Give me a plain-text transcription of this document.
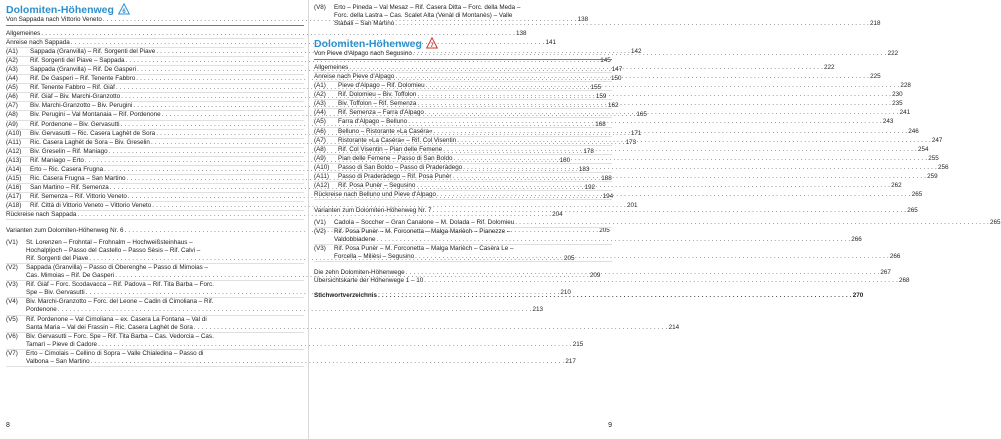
Dolomiten-Höhenweg 6
Von Sappada nach Vittorio Veneto . . .	138
Allgemeines . . .	138
Anreise nach Sappada . . .	141
(A1)	Sappada (Granvilla) – Rif. Sorgenti del Piave . . .	142
(A2)	Rif. Sorgenti del Piave – Sappada . . .	145
(A3)	Sappada (Granvilla) – Rif. De Gasperi . . .	147
(A4)	Rif. De Gasperi – Rif. Tenente Fabbro . . .	150
(A5)	Rif. Tenente Fabbro – Rif. Giàf . . .	155
(A6)	Rif. Giàf – Biv. Marchi-Granzotto . . .	159
(A7)	Biv. Marchi-Granzotto – Biv. Perugini . . .	162
(A8)	Biv. Perugini – Val Montanaia – Rif. Pordenone . . .	165
(A9)	Rif. Pordenone – Biv. Gervasutti . . .	168
(A10)	Biv. Gervasutti – Ric. Casera Laghèt de Sora . . .	171
(A11)	Ric. Casera Laghèt de Sora – Biv. Greselin . . .	173
(A12)	Biv. Greselin – Rif. Maniago . . .	178
(A13)	Rif. Maniago – Erto . . .	180
(A14)	Erto – Ric. Casera Frugna . . .	183
(A15)	Ric. Casera Frugna – San Martino . . .	188
(A16)	San Martino – Rif. Semenza . . .	192
(A17)	Rif. Semenza – Rif. Vittorio Veneto . . .	194
(A18)	Rif. Città di Vittorio Veneto – Vittorio Veneto . . .	201
Rückreise nach Sappada . . .	204
Varianten zum Dolomiten-Höhenweg Nr. 6 . . .	205
(V1)	St. Lorenzen – Frohntal – Frohnalm – Hochweißsteinhaus –
Hochalpljoch – Passo del Castello – Passo Sèsis – Rif. Calvi –
Rif. Sorgenti del Piave . . .	205
(V2)	Sappada (Granvilla) – Passo di Oberenghe – Passo di Mimoias –
Cas. Mimoias – Rif. De Gasperi . . .	209
(V3)	Rif. Giàf – Forc. Scodavacca – Rif. Padova – Rif. Tita Barba – Forc.
Spe – Biv. Gervasutti . . .	210
(V4)	Biv. Marchi-Granzotto – Forc. del Leone – Cadin di Cimoliana – Rif.
Pordenone . . .	213
(V5)	Rif. Pordenone – Val Cimoliana – ex. Casera La Fontana – Val di
Santa Maria – Val dei Frassin – Ric. Casera Laghèt de Sora . . .	214
(V6)	Biv. Gervasutti – Forc. Spe – Rif. Tita Barba – Cas. Vedorcia – Cas.
Tamarì – Pieve di Cadore . . .	215
(V7)	Erto – Cimolais – Cellino di Sopra – Valle Chialedina – Passo di
Valbona – San Martino . . .	217
8
(V8)	Erto – Pineda – Val Mesaz – Rif. Casera Ditta – Forc. della Meda –
Forc. della Lastra – Cas. Scalet Alta (Venàl di Montanès) – Valle
Stabali – San Martino . . .	218
Dolomiten-Höhenweg 7
Von Pieve d'Alpago nach Segusino . . .	222
Allgemeines . . .	222
Anreise nach Pieve d'Alpago . . .	225
(A1)	Pieve d'Alpago – Rif. Dolomieu . . .	228
(A2)	Rif. Dolomieu – Biv. Toffolon . . .	230
(A3)	Biv. Toffolon – Rif. Semenza . . .	235
(A4)	Rif. Semenza – Farra d'Alpago . . .	241
(A5)	Farra d'Alpago – Belluno . . .	243
(A6)	Belluno – Ristorante »La Caséra« . . .	246
(A7)	Ristorante »La Caséra« – Rif. Col Visentin . . .	247
(A8)	Rif. Col Visentin – Pian delle Femene . . .	254
(A9)	Pian delle Femene – Passo di San Boldo . . .	255
(A10)	Passo di San Boldo – Passo di Praderàdego . . .	256
(A11)	Passo di Praderàdego – Rif. Posa Punèr . . .	259
(A12)	Rif. Posa Punèr – Segusino . . .	262
Rückreise nach Belluno und Pieve d'Alpago . . .	265
Varianten zum Dolomiten-Höhenweg Nr. 7 . . .	265
(V1)	Cadola – Soccher – Gran Canalone – M. Dolada – Rif. Dolomieu . . .	265
(V2)	Rif. Posa Punèr – M. Forconetta – Malga Marièch – Pianezze –
Valdobbiadene . . .	266
(V3)	Rif. Posa Punèr – M. Forconetta – Malga Marièch – Casèra Le –
Forcella – Milièsi – Segusino . . .	266
Die zehn Dolomiten-Höhenwege . . .	267
Übersichtskarte der Höhenwege 1 – 10 . . .	268
Stichwortverzeichnis . . .	270
9
